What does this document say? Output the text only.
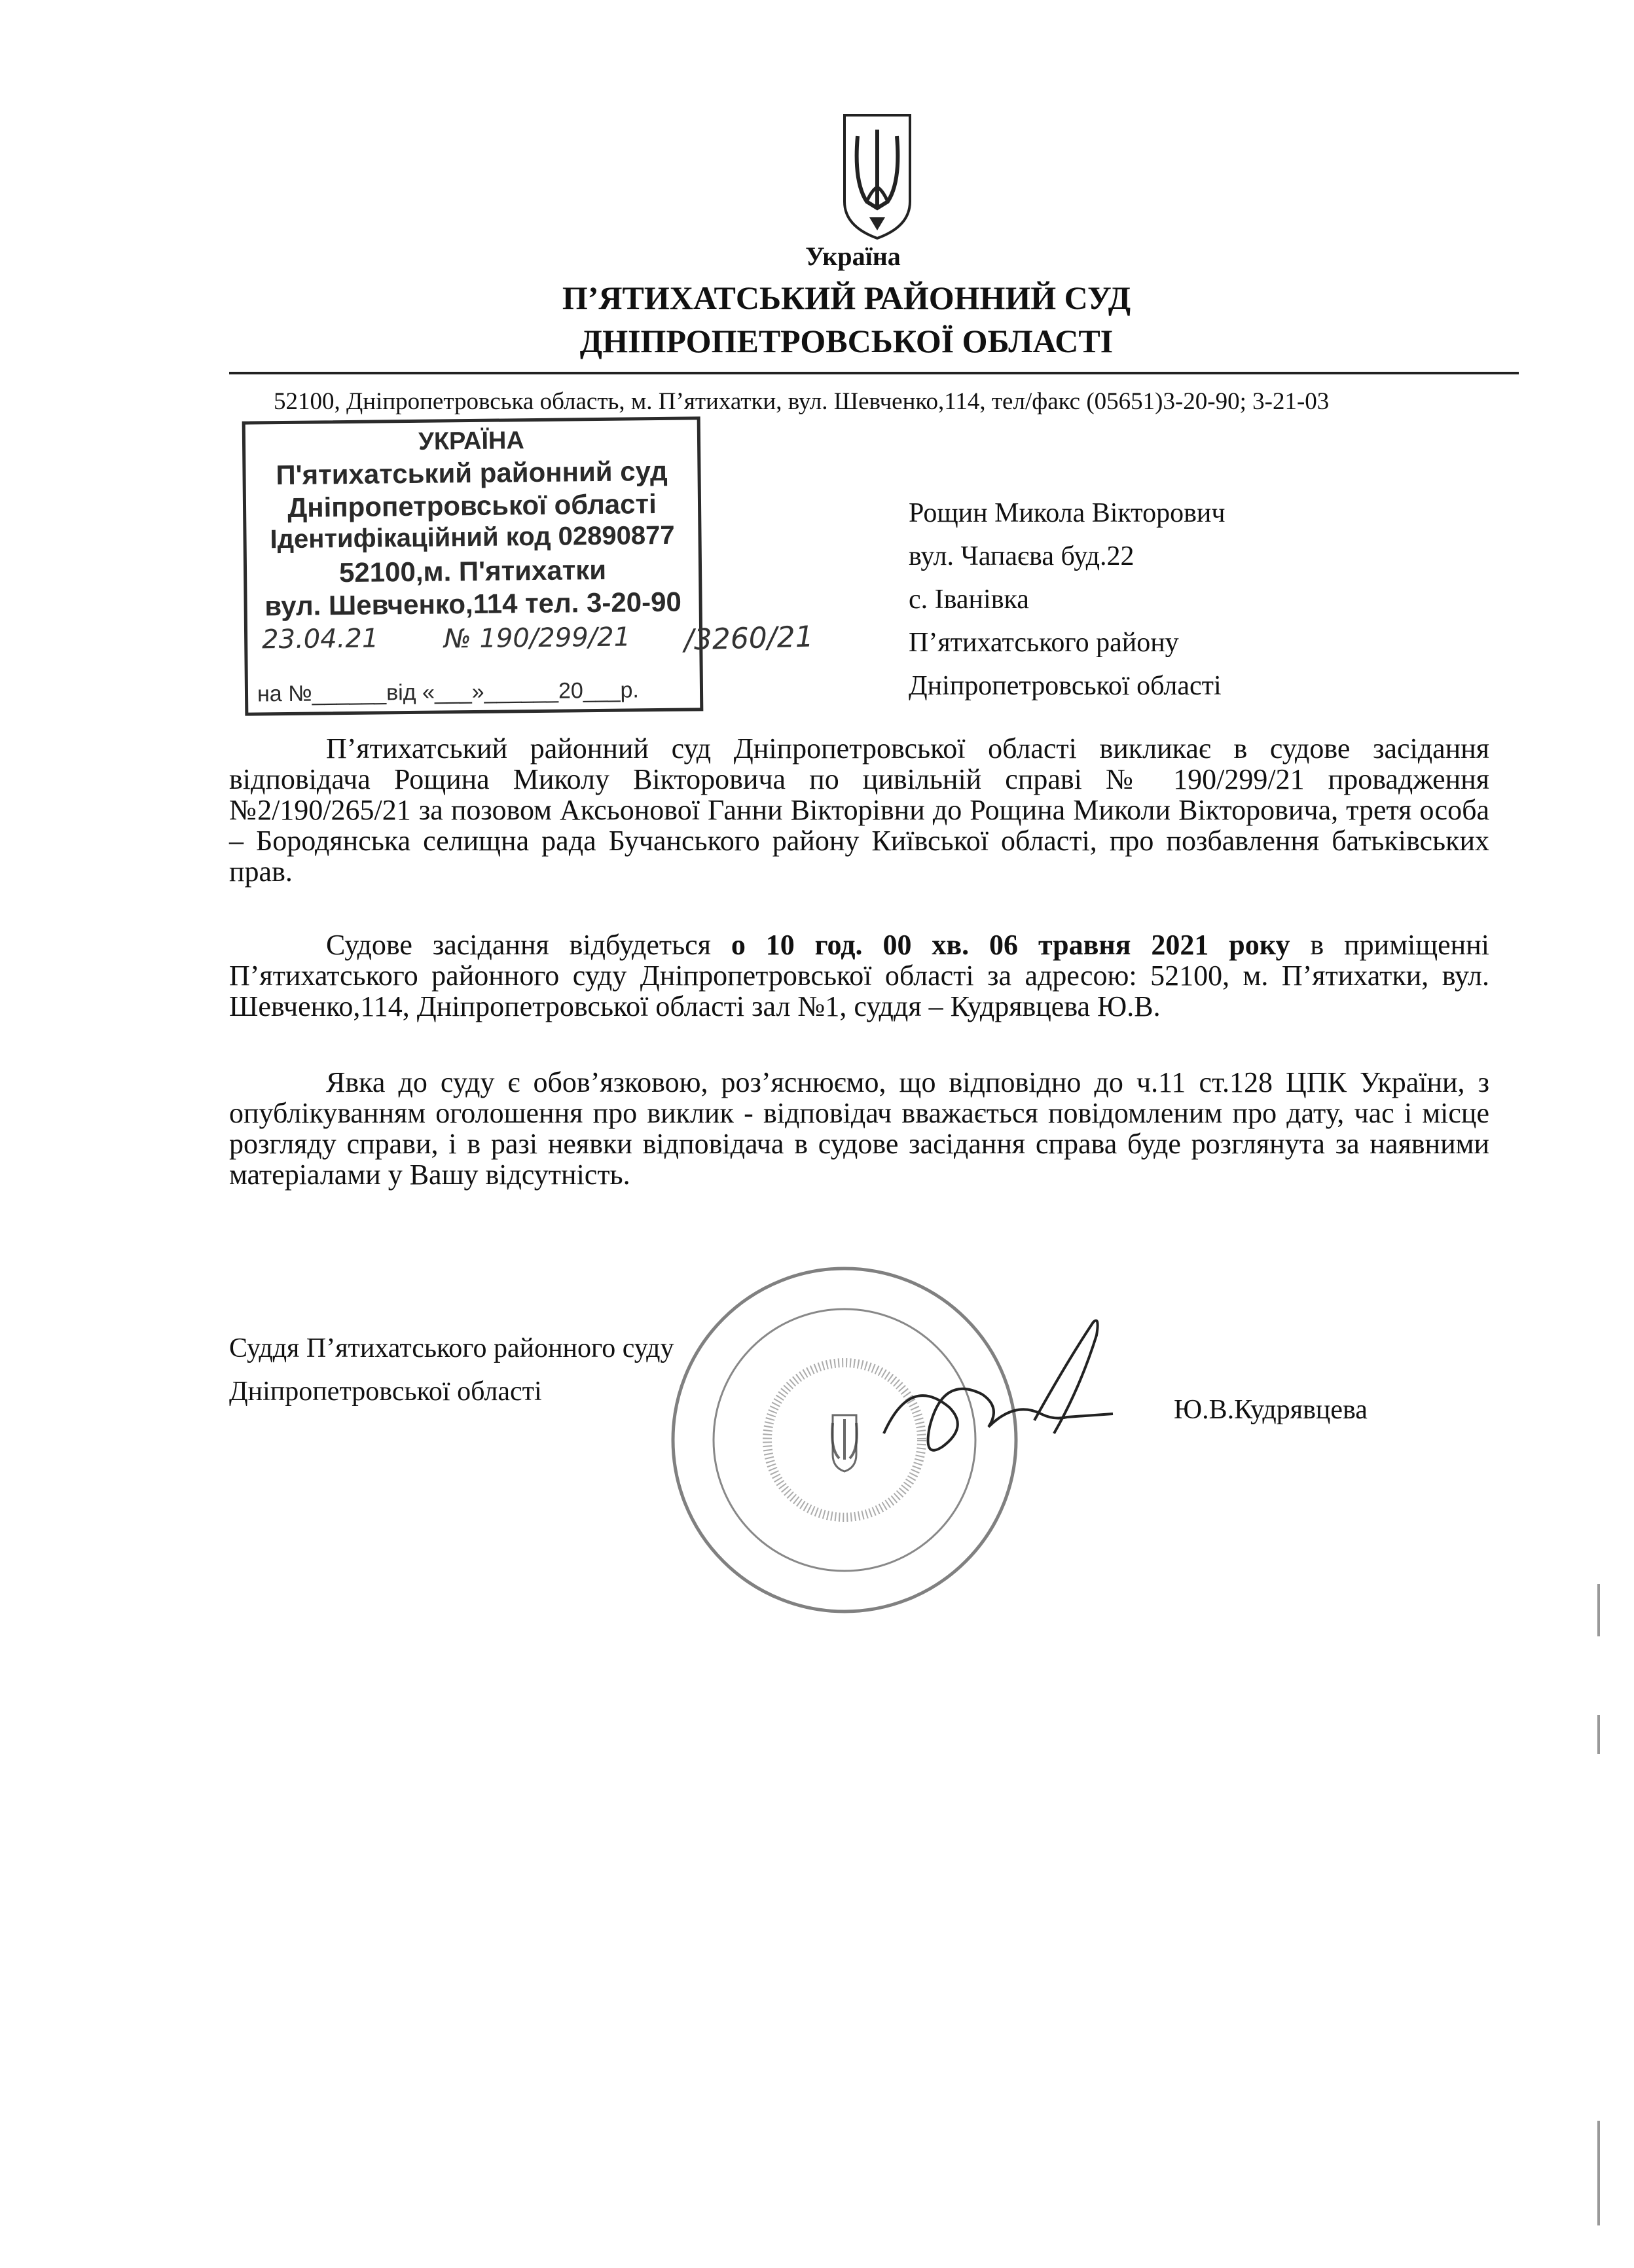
Україна
П’ЯТИХАТСЬКИЙ РАЙОННИЙ СУД
ДНІПРОПЕТРОВСЬКОЇ ОБЛАСТІ
52100, Дніпропетровська область, м. П’ятихатки, вул. Шевченко,114, тел/факс (05651)3-20-90; 3-21-03
УКРАЇНА
П'ятихатський районний суд
Дніпропетровської області
Ідентифікаційний код 02890877
52100,м. П'ятихатки
вул. Шевченко,114 тел. 3-20-90
23.04.21 № 190/299/21
на №______від «___»______20___р.
/3260/21
Рощин Микола Вікторович
вул. Чапаєва буд.22
с. Іванівка
П’ятихатського району
Дніпропетровської області

П’ятихатський районний суд Дніпропетровської області викликає в судове засідання відповідача Рощина Миколу Вікторовича по цивільній справі № 190/299/21 провадження №2/190/265/21 за позовом Аксьонової Ганни Вікторівни до Рощина Миколи Вікторовича, третя особа – Бородянська селищна рада Бучанського району Київської області, про позбавлення батьківських прав.

Судове засідання відбудеться о 10 год. 00 хв. 06 травня 2021 року в приміщенні П’ятихатського районного суду Дніпропетровської області за адресою: 52100, м. П’ятихатки, вул. Шевченко,114, Дніпропетровської області зал №1, суддя – Кудрявцева Ю.В.

Явка до суду є обов’язковою, роз’яснюємо, що відповідно до ч.11 ст.128 ЦПК України, з опублікуванням оголошення про виклик - відповідач вважається повідомленим про дату, час і місце розгляду справи, і в разі неявки відповідача в судове засідання справа буде розглянута за наявними матеріалами у Вашу відсутність.

Суддя П’ятихатського районного суду
Дніпропетровської області
Ю.В.Кудрявцева
